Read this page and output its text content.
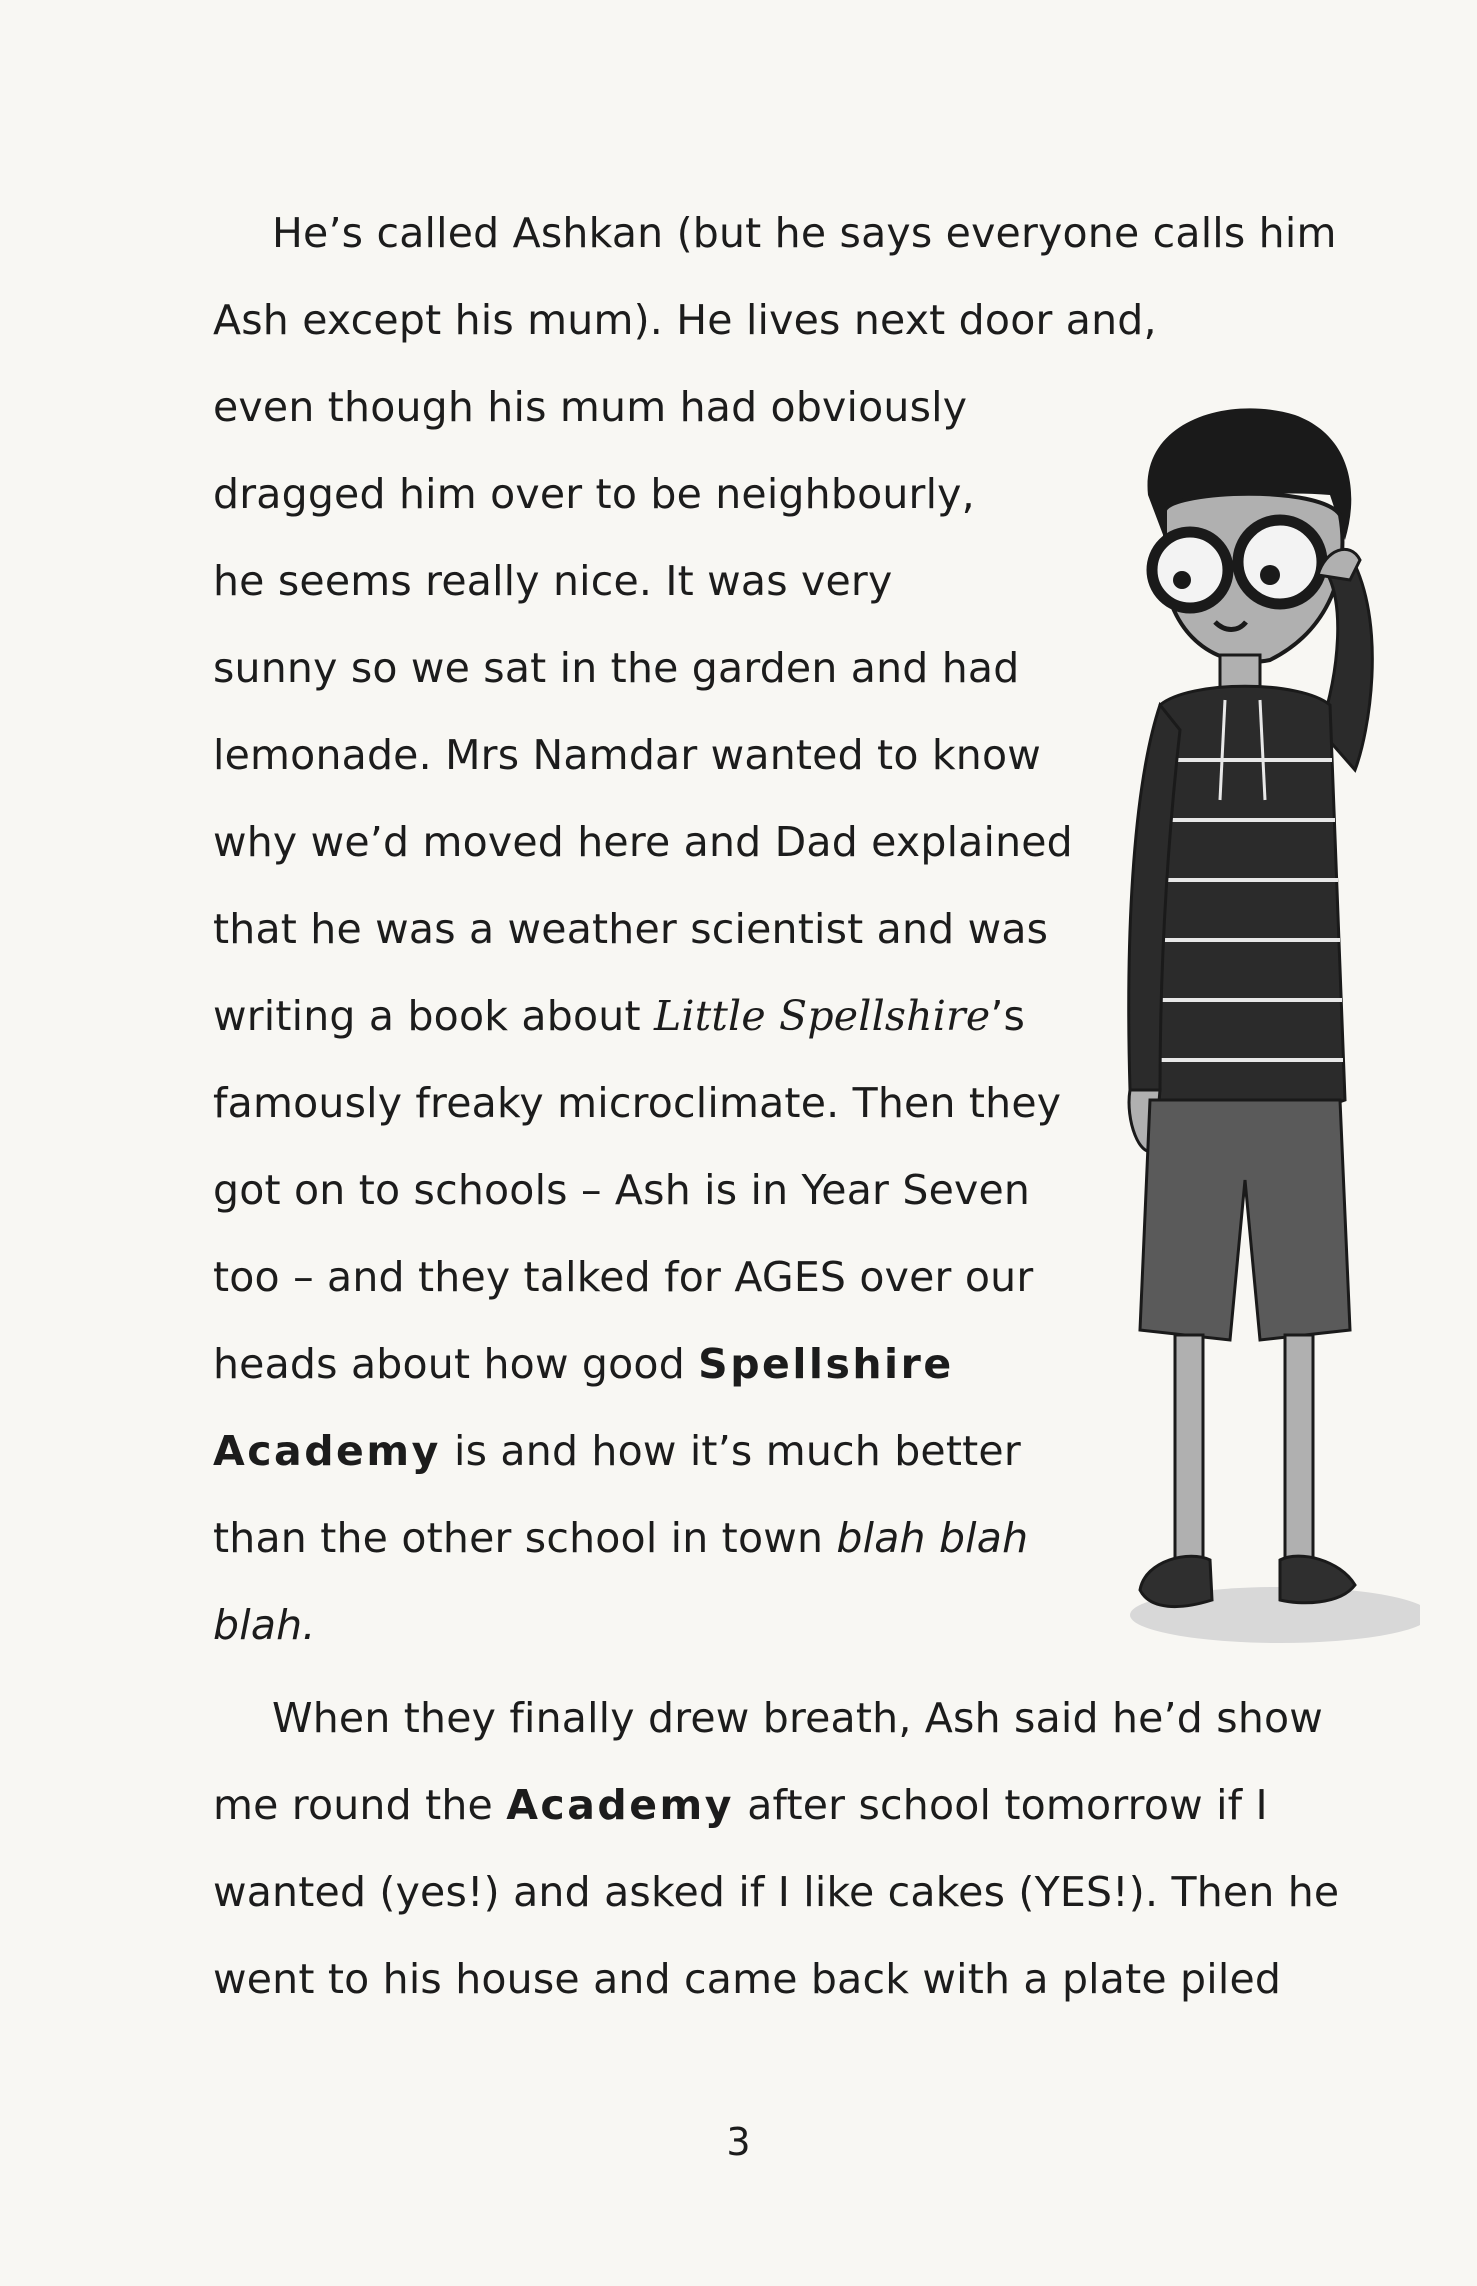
He’s called Ashkan (but he says everyone calls him
Ash except his mum). He lives next door and,
even though his mum had obviously
dragged him over to be neighbourly,
he seems really nice. It was very
sunny so we sat in the garden and had
lemonade. Mrs Namdar wanted to know
why we’d moved here and Dad explained
that he was a weather scientist and was
writing a book about Little Spellshire’s
famously freaky microclimate. Then they
got on to schools – Ash is in Year Seven
too – and they talked for AGES over our
heads about how good Spellshire
Academy is and how it’s much better
than the other school in town blah blah
blah.
When they finally drew breath, Ash said he’d show
me round the Academy after school tomorrow if I
wanted (yes!) and asked if I like cakes (YES!). Then he
went to his house and came back with a plate piled
3
